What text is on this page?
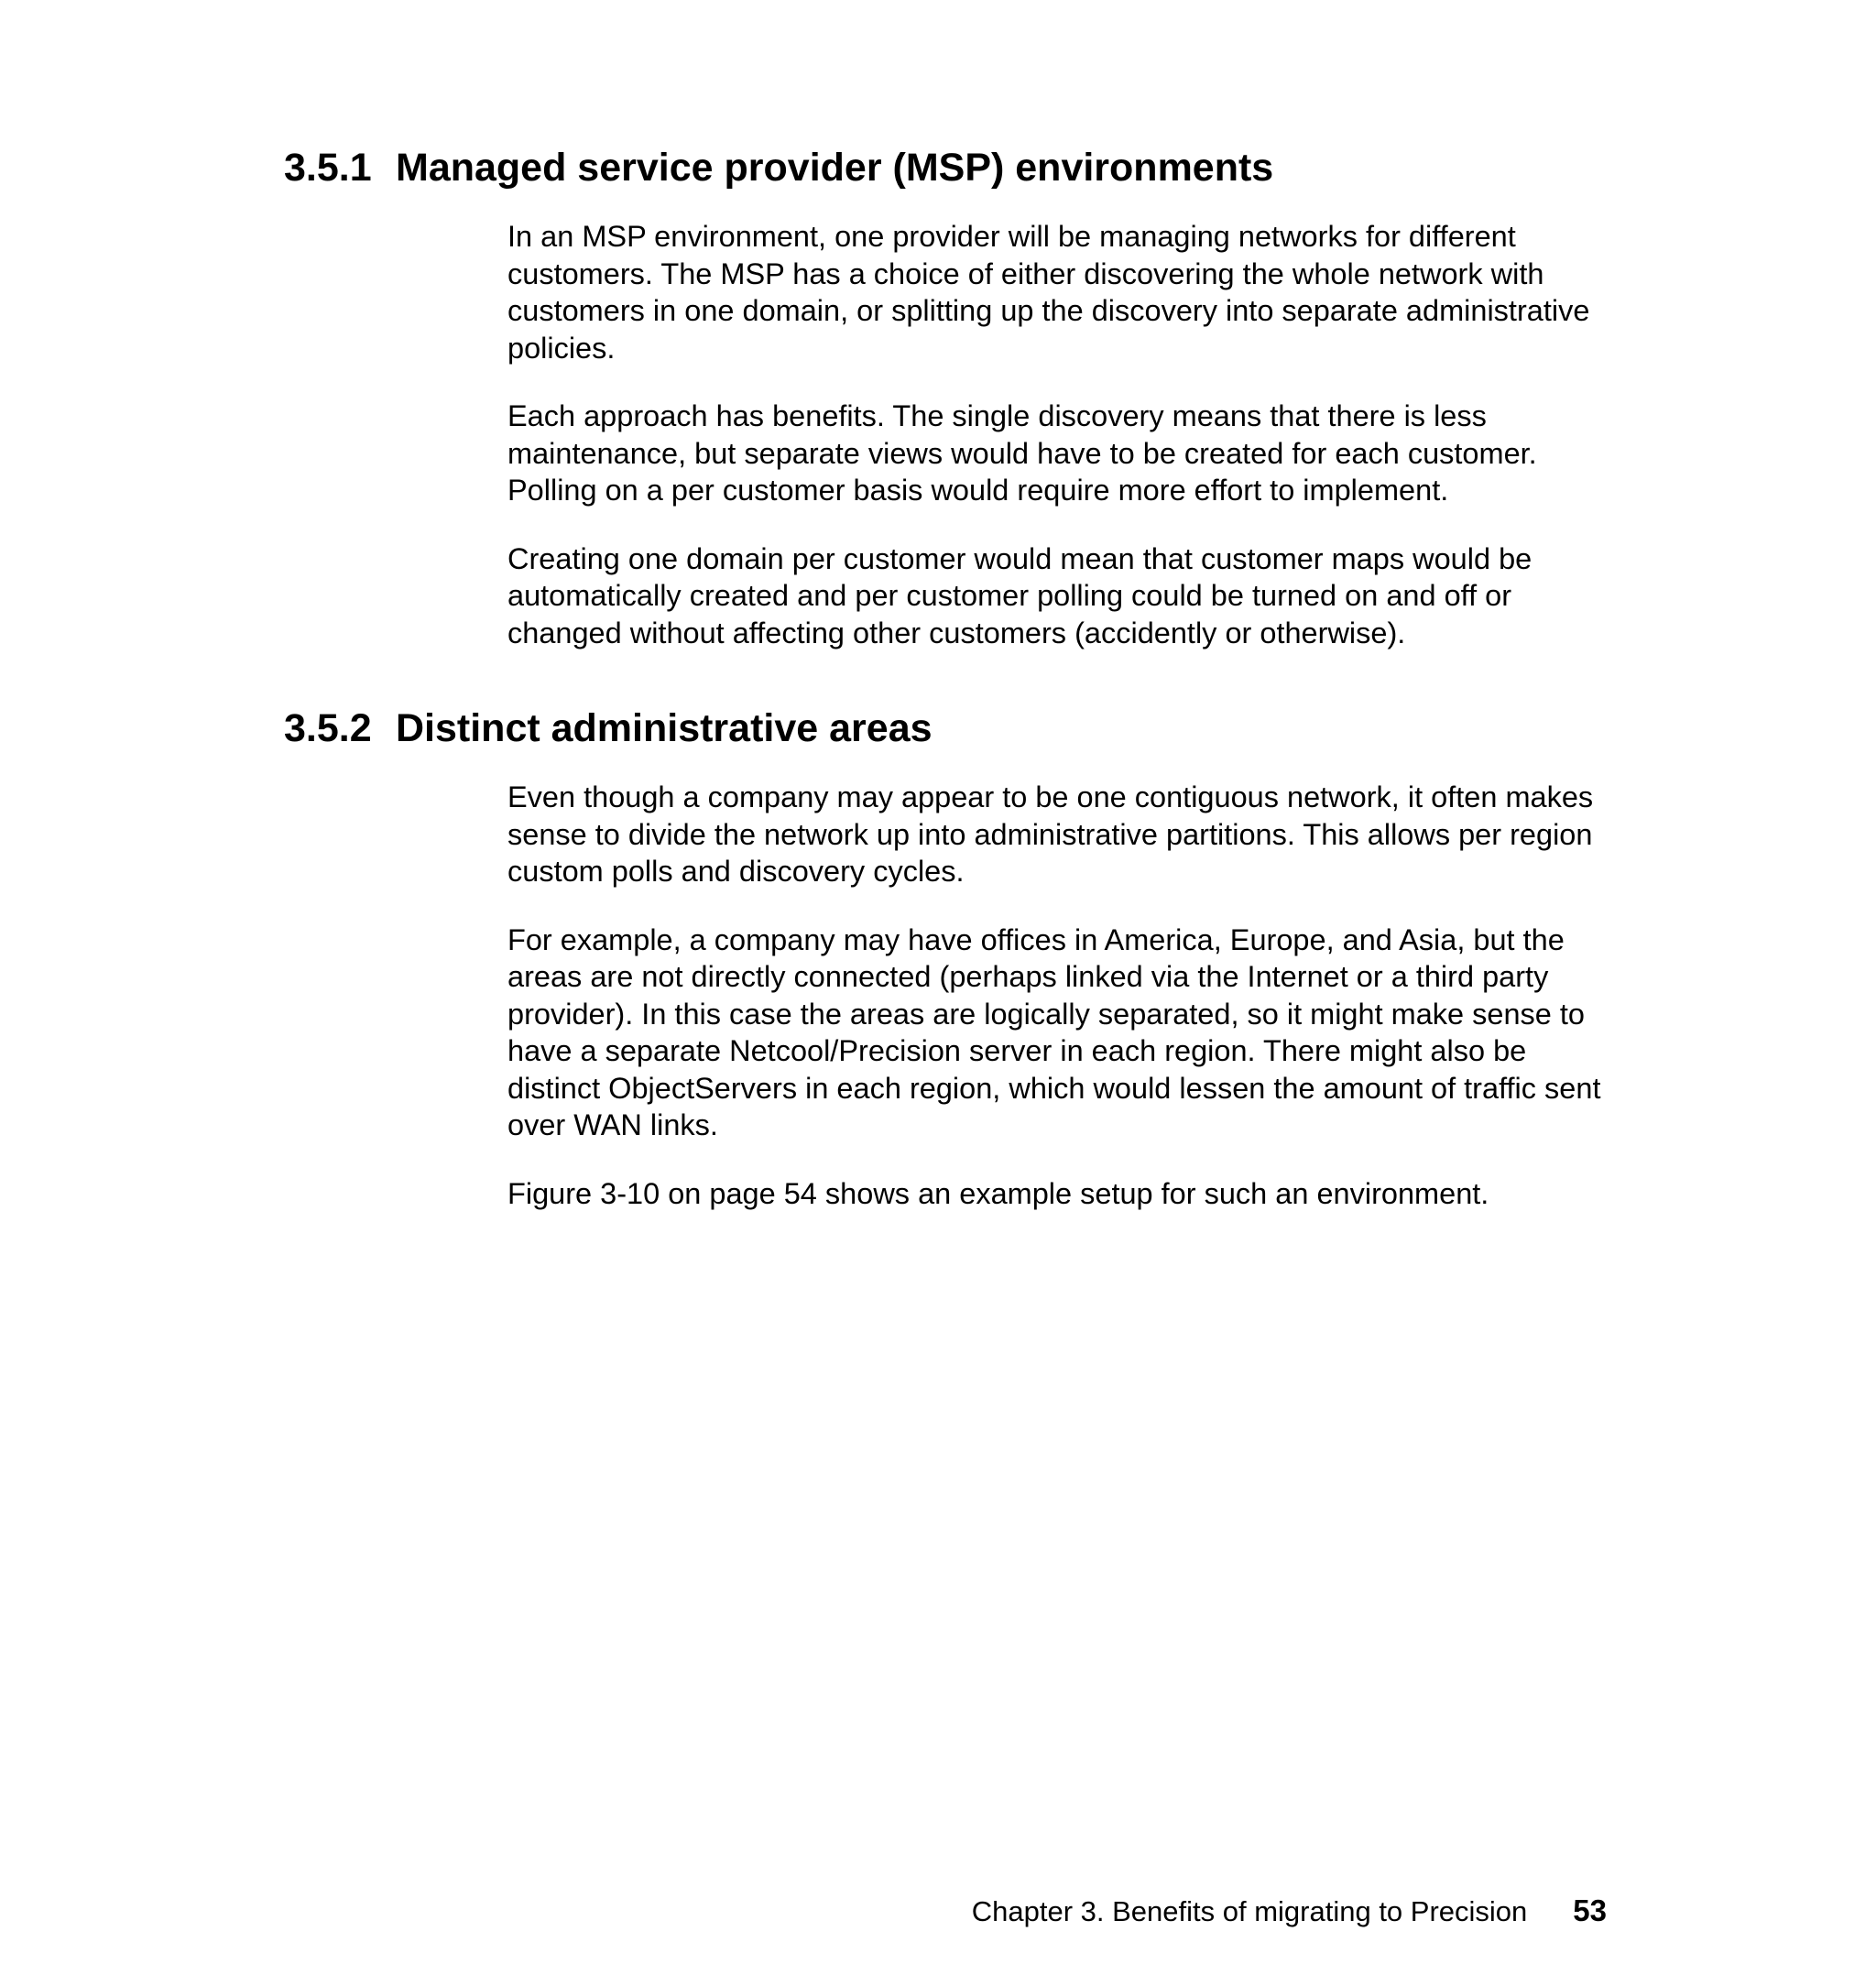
3.5.1 Managed service provider (MSP) environments

In an MSP environment, one provider will be managing networks for different customers. The MSP has a choice of either discovering the whole network with customers in one domain, or splitting up the discovery into separate administrative policies.

Each approach has benefits. The single discovery means that there is less maintenance, but separate views would have to be created for each customer. Polling on a per customer basis would require more effort to implement.

Creating one domain per customer would mean that customer maps would be automatically created and per customer polling could be turned on and off or changed without affecting other customers (accidently or otherwise).

3.5.2 Distinct administrative areas

Even though a company may appear to be one contiguous network, it often makes sense to divide the network up into administrative partitions. This allows per region custom polls and discovery cycles.

For example, a company may have offices in America, Europe, and Asia, but the areas are not directly connected (perhaps linked via the Internet or a third party provider). In this case the areas are logically separated, so it might make sense to have a separate Netcool/Precision server in each region. There might also be distinct ObjectServers in each region, which would lessen the amount of traffic sent over WAN links.

Figure 3-10 on page 54 shows an example setup for such an environment.

Chapter 3. Benefits of migrating to Precision 53
